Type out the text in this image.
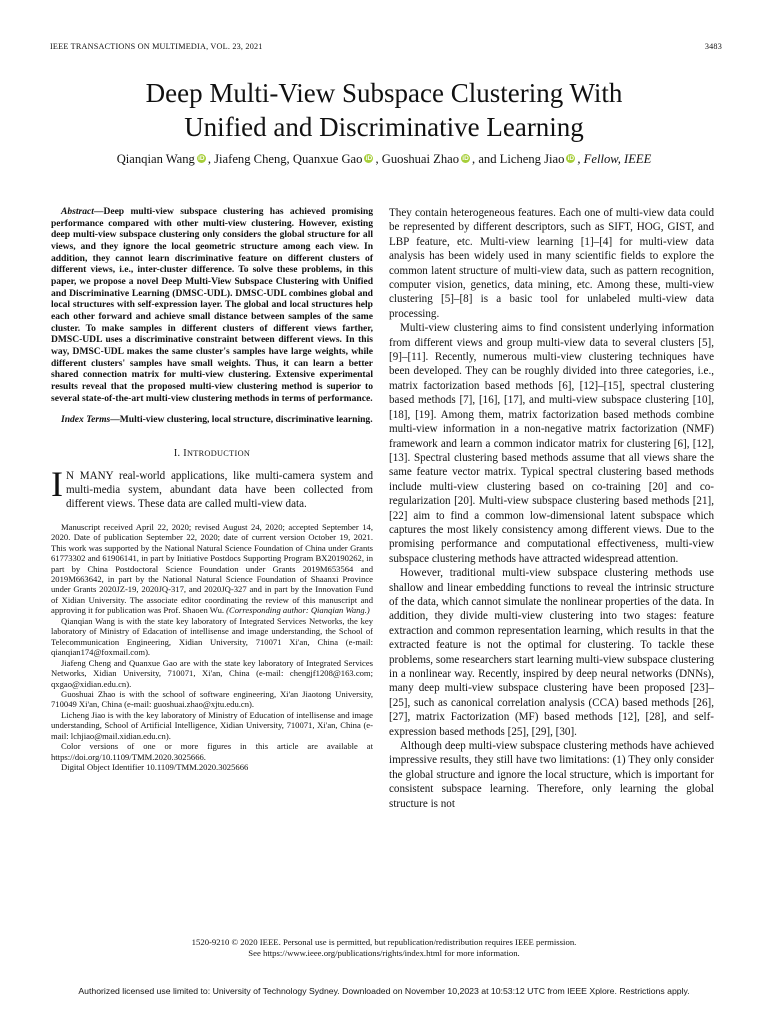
IEEE TRANSACTIONS ON MULTIMEDIA, VOL. 23, 2021	3483
Deep Multi-View Subspace Clustering With
Unified and Discriminative Learning
Qianqian Wang iD , Jiafeng Cheng, Quanxue Gao iD , Guoshuai Zhao iD , and Licheng Jiao iD , Fellow, IEEE

Abstract—Deep multi-view subspace clustering has achieved promising performance compared with other multi-view clustering. However, existing deep multi-view subspace clustering only considers the global structure for all views, and they ignore the local geometric structure among each view. In addition, they cannot learn discriminative feature on different clusters of different views, i.e., inter-cluster difference. To solve these problems, in this paper, we propose a novel Deep Multi-View Subspace Clustering with Unified and Discriminative Learning (DMSC-UDL). DMSC-UDL combines global and local structures with self-expression layer. The global and local structures help each other forward and achieve small distance between samples of the same cluster. To make samples in different clusters of different views farther, DMSC-UDL uses a discriminative constraint between different views. In this way, DMSC-UDL makes the same cluster's samples have large weights, while different clusters' samples have small weights. Thus, it can learn a better shared connection matrix for multi-view clustering. Extensive experimental results reveal that the proposed multi-view clustering method is superior to several state-of-the-art multi-view clustering methods in terms of performance.

Index Terms—Multi-view clustering, local structure, discriminative learning.

I. INTRODUCTION

I N MANY real-world applications, like multi-camera system and multi-media system, abundant data have been collected from different views. These data are called multi-view data.

Manuscript received April 22, 2020; revised August 24, 2020; accepted September 14, 2020. Date of publication September 22, 2020; date of current version October 19, 2021. This work was supported by the National Natural Science Foundation of China under Grants 61773302 and 61906141, in part by Initiative Postdocs Supporting Program BX20190262, in part by China Postdoctoral Science Foundation under Grants 2019M653564 and 2019M663642, in part by the National Natural Science Foundation of Shaanxi Province under Grants 2020JZ-19, 2020JQ-317, and 2020JQ-327 and in part by the Innovation Fund of Xidian University. The associate editor coordinating the review of this manuscript and approving it for publication was Prof. Shaoen Wu. (Corresponding author: Qianqian Wang.)

Qianqian Wang is with the state key laboratory of Integrated Services Networks, the key laboratory of Ministry of Edacation of intellisense and image understanding, the School of Telecommunication Engineering, Xidian University, 710071 Xi'an, China (e-mail: qianqian174@foxmail.com).

Jiafeng Cheng and Quanxue Gao are with the state key laboratory of Integrated Services Networks, Xidian University, 710071, Xi'an, China (e-mail: chengjf1208@163.com; qxgao@xidian.edu.cn).

Guoshuai Zhao is with the school of software engineering, Xi'an Jiaotong University, 710049 Xi'an, China (e-mail: guoshuai.zhao@xjtu.edu.cn).

Licheng Jiao is with the key laboratory of Ministry of Education of intellisense and image understanding, School of Artificial Intelligence, Xidian University, 710071, Xi'an, China (e-mail: lchjiao@mail.xidian.edu.cn).

Color versions of one or more figures in this article are available at https://doi.org/10.1109/TMM.2020.3025666.

Digital Object Identifier 10.1109/TMM.2020.3025666

They contain heterogeneous features. Each one of multi-view data could be represented by different descriptors, such as SIFT, HOG, GIST, and LBP feature, etc. Multi-view learning [1]–[4] for multi-view data analysis has been widely used in many scientific fields to explore the common latent structure of multi-view data, such as pattern recognition, computer vision, genetics, data mining, etc. Among these, multi-view clustering [5]–[8] is a basic tool for unlabeled multi-view data processing.

Multi-view clustering aims to find consistent underlying information from different views and group multi-view data to several clusters [5], [9]–[11]. Recently, numerous multi-view clustering techniques have been developed. They can be roughly divided into three categories, i.e., matrix factorization based methods [6], [12]–[15], spectral clustering based methods [7], [16], [17], and multi-view subspace clustering [10], [18], [19]. Among them, matrix factorization based methods combine multi-view information in a non-negative matrix factorization (NMF) framework and learn a common indicator matrix for clustering [6], [12], [13]. Spectral clustering based methods assume that all views share the same feature vector matrix. Typical spectral clustering based methods include multi-view clustering based on co-training [20] and co-regularization [20]. Multi-view subspace clustering based methods [21], [22] aim to find a common low-dimensional latent subspace which captures the most likely consistency among different views. Due to the promising performance and computational effectiveness, multi-view subspace clustering methods have attracted widespread attention.

However, traditional multi-view subspace clustering methods use shallow and linear embedding functions to reveal the intrinsic structure of the data, which cannot simulate the nonlinear properties of the data. In addition, they divide multi-view clustering into two stages: feature extraction and common representation learning, which results in that the extracted feature is not the optimal for clustering. To tackle these problems, some researchers start learning multi-view subspace clustering in a nonlinear way. Recently, inspired by deep neural networks (DNNs), many deep multi-view subspace clustering have been proposed [23]–[25], such as canonical correlation analysis (CCA) based methods [26], [27], matrix Factorization (MF) based methods [12], [28], and self-expression based methods [25], [29], [30].

Although deep multi-view subspace clustering methods have achieved impressive results, they still have two limitations: (1) They only consider the global structure and ignore the local structure, which is important for consistent subspace learning. Therefore, only learning the global structure is not

1520-9210 © 2020 IEEE. Personal use is permitted, but republication/redistribution requires IEEE permission.
See https://www.ieee.org/publications/rights/index.html for more information.
Authorized licensed use limited to: University of Technology Sydney. Downloaded on November 10,2023 at 10:53:12 UTC from IEEE Xplore. Restrictions apply.
